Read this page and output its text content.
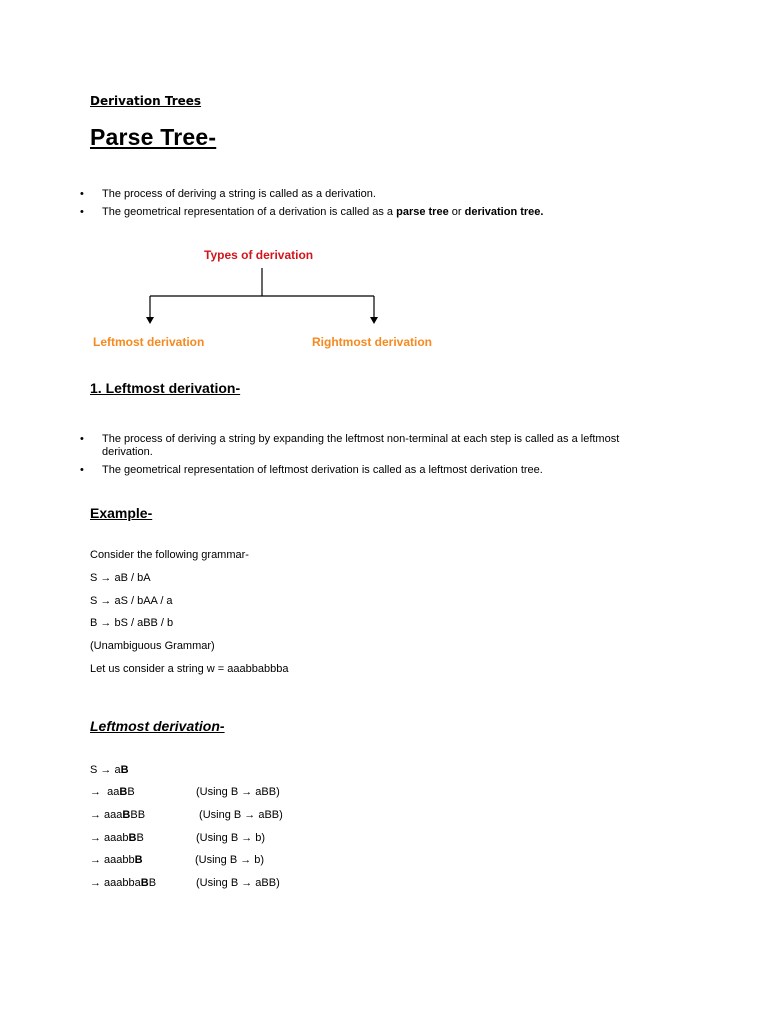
Derivation Trees
Parse Tree-
• The process of deriving a string is called as a derivation.
• The geometrical representation of a derivation is called as a parse tree or derivation tree.
Types of derivation
Leftmost derivation	Rightmost derivation
1. Leftmost derivation-
• The process of deriving a string by expanding the leftmost non-terminal at each step is called as a leftmost derivation.
• The geometrical representation of leftmost derivation is called as a leftmost derivation tree.
Example-
Consider the following grammar-
S → aB / bA
S → aS / bAA / a
B → bS / aBB / b
(Unambiguous Grammar)
Let us consider a string w = aaabbabbba
Leftmost derivation-
S → aB
→  aaBB	(Using B → aBB)
→ aaaBBB	(Using B → aBB)
→ aaabBB	(Using B → b)
→ aaabbB	(Using B → b)
→ aaabbaBB	(Using B → aBB)
